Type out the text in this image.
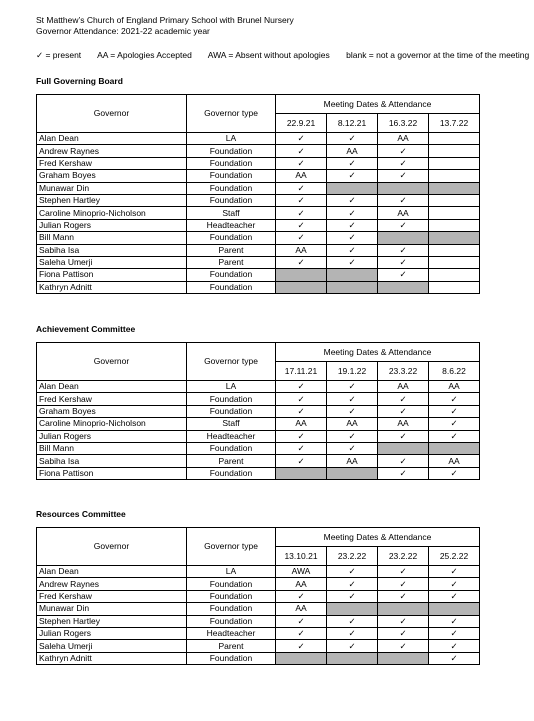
St Matthew’s Church of England Primary School with Brunel Nursery
Governor Attendance: 2021-22 academic year
✓ = present AA = Apologies Accepted AWA = Absent without apologies blank = not a governor at the time of the meeting
Full Governing Board
Governor	Governor type	Meeting Dates & Attendance			
		22.9.21	8.12.21	16.3.22	13.7.22
Alan Dean	LA	✓	✓	AA	
Andrew Raynes	Foundation	✓	AA	✓	
Fred Kershaw	Foundation	✓	✓	✓	
Graham Boyes	Foundation	AA	✓	✓	
Munawar Din	Foundation	✓			
Stephen Hartley	Foundation	✓	✓	✓	
Caroline Minoprio-Nicholson	Staff	✓	✓	AA	
Julian Rogers	Headteacher	✓	✓	✓	
Bill Mann	Foundation	✓	✓		
Sabiha Isa	Parent	AA	✓	✓	
Saleha Umerji	Parent	✓	✓	✓	
Fiona Pattison	Foundation			✓	
Kathryn Adnitt	Foundation				
Achievement Committee
Governor	Governor type	Meeting Dates & Attendance			
		17.11.21	19.1.22	23.3.22	8.6.22
Alan Dean	LA	✓	✓	AA	AA
Fred Kershaw	Foundation	✓	✓	✓	✓
Graham Boyes	Foundation	✓	✓	✓	✓
Caroline Minoprio-Nicholson	Staff	AA	AA	AA	✓
Julian Rogers	Headteacher	✓	✓	✓	✓
Bill Mann	Foundation	✓	✓		
Sabiha Isa	Parent	✓	AA	✓	AA
Fiona Pattison	Foundation			✓	✓
Resources Committee
Governor	Governor type	Meeting Dates & Attendance			
		13.10.21	23.2.22	23.2.22	25.2.22
Alan Dean	LA	AWA	✓	✓	✓
Andrew Raynes	Foundation	AA	✓	✓	✓
Fred Kershaw	Foundation	✓	✓	✓	✓
Munawar Din	Foundation	AA			
Stephen Hartley	Foundation	✓	✓	✓	✓
Julian Rogers	Headteacher	✓	✓	✓	✓
Saleha Umerji	Parent	✓	✓	✓	✓
Kathryn Adnitt	Foundation				✓
